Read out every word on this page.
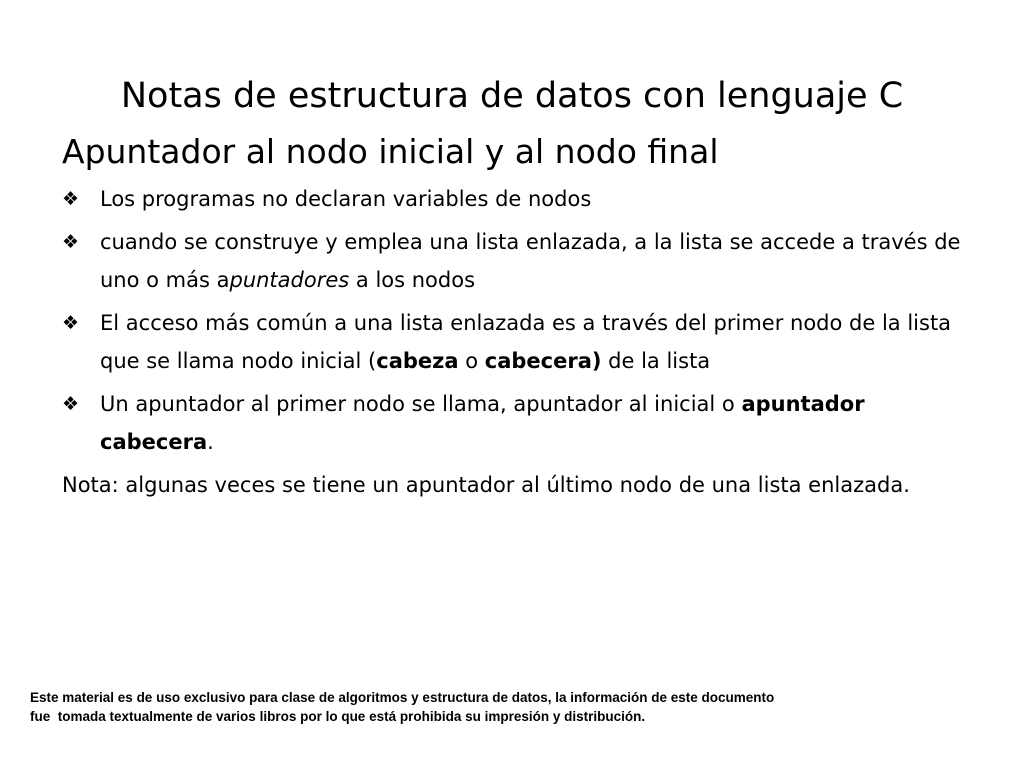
Notas de estructura de datos con lenguaje C
Apuntador al nodo inicial y al nodo final
❖ Los programas no declaran variables de nodos
❖ cuando se construye y emplea una lista enlazada, a la lista se accede a través de uno o más apuntadores a los nodos
❖ El acceso más común a una lista enlazada es a través del primer nodo de la lista que se llama nodo inicial (cabeza o cabecera) de la lista
❖ Un apuntador al primer nodo se llama, apuntador al inicial o apuntador cabecera.
Nota: algunas veces se tiene un apuntador al último nodo de una lista enlazada.
Este material es de uso exclusivo para clase de algoritmos y estructura de datos, la información de este documento
fue  tomada textualmente de varios libros por lo que está prohibida su impresión y distribución.
